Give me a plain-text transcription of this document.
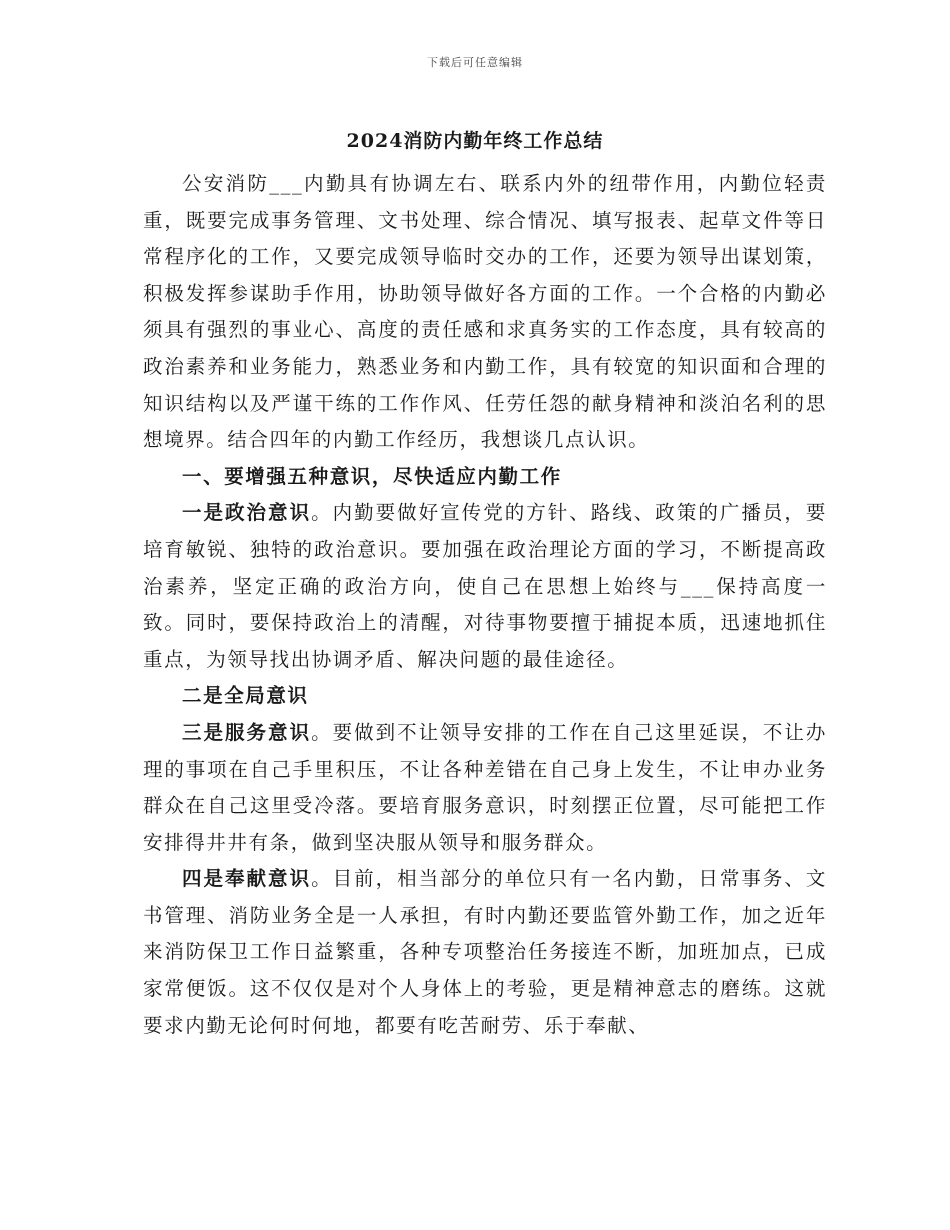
下载后可任意编辑
2024消防内勤年终工作总结

公安消防___内勤具有协调左右、联系内外的纽带作用，内勤位轻责重，既要完成事务管理、文书处理、综合情况、填写报表、起草文件等日常程序化的工作，又要完成领导临时交办的工作，还要为领导出谋划策，积极发挥参谋助手作用，协助领导做好各方面的工作。一个合格的内勤必须具有强烈的事业心、高度的责任感和求真务实的工作态度，具有较高的政治素养和业务能力，熟悉业务和内勤工作，具有较宽的知识面和合理的知识结构以及严谨干练的工作作风、任劳任怨的献身精神和淡泊名利的思想境界。结合四年的内勤工作经历，我想谈几点认识。

一、要增强五种意识，尽快适应内勤工作

一是政治意识。内勤要做好宣传党的方针、路线、政策的广播员，要培育敏锐、独特的政治意识。要加强在政治理论方面的学习，不断提高政治素养，坚定正确的政治方向，使自己在思想上始终与___保持高度一致。同时，要保持政治上的清醒，对待事物要擅于捕捉本质，迅速地抓住重点，为领导找出协调矛盾、解决问题的最佳途径。

二是全局意识

三是服务意识。要做到不让领导安排的工作在自己这里延误，不让办理的事项在自己手里积压，不让各种差错在自己身上发生，不让申办业务群众在自己这里受冷落。要培育服务意识，时刻摆正位置，尽可能把工作安排得井井有条，做到坚决服从领导和服务群众。

四是奉献意识。目前，相当部分的单位只有一名内勤，日常事务、文书管理、消防业务全是一人承担，有时内勤还要监管外勤工作，加之近年来消防保卫工作日益繁重，各种专项整治任务接连不断，加班加点，已成家常便饭。这不仅仅是对个人身体上的考验，更是精神意志的磨练。这就要求内勤无论何时何地，都要有吃苦耐劳、乐于奉献、
